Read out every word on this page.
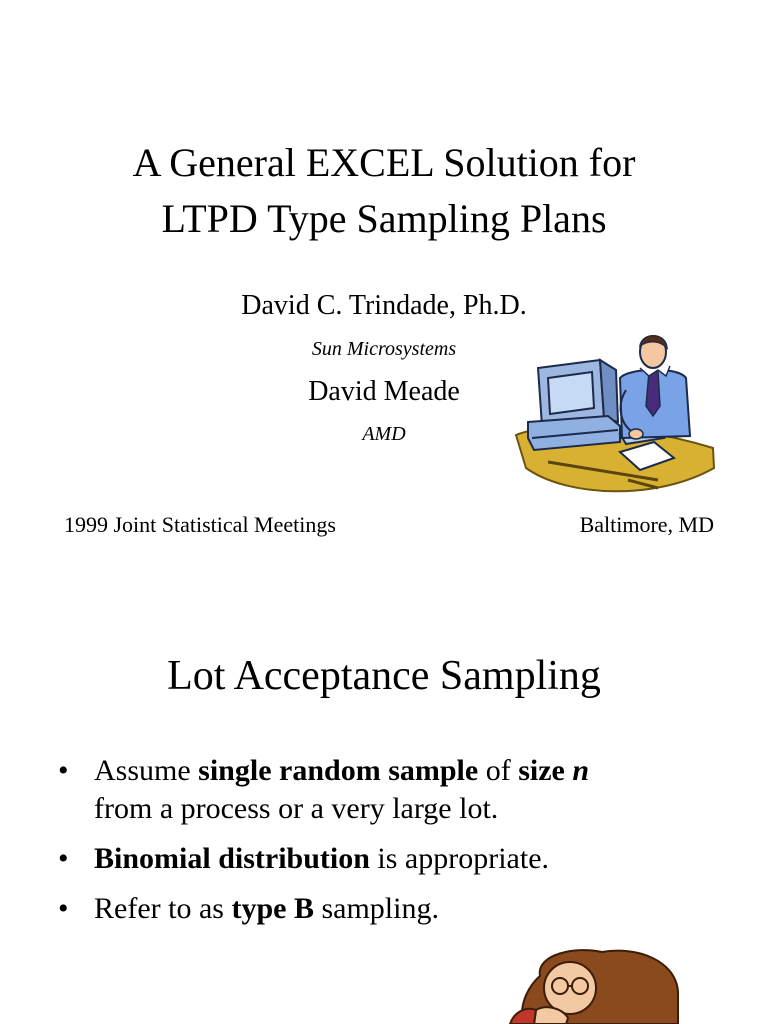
A General EXCEL Solution for
LTPD Type Sampling Plans
David C. Trindade, Ph.D.
Sun Microsystems
David Meade
AMD
1999 Joint Statistical Meetings	Baltimore, MD
Lot Acceptance Sampling
• Assume single random sample of size n
from a process or a very large lot.
• Binomial distribution is appropriate.
• Refer to as type B sampling.
